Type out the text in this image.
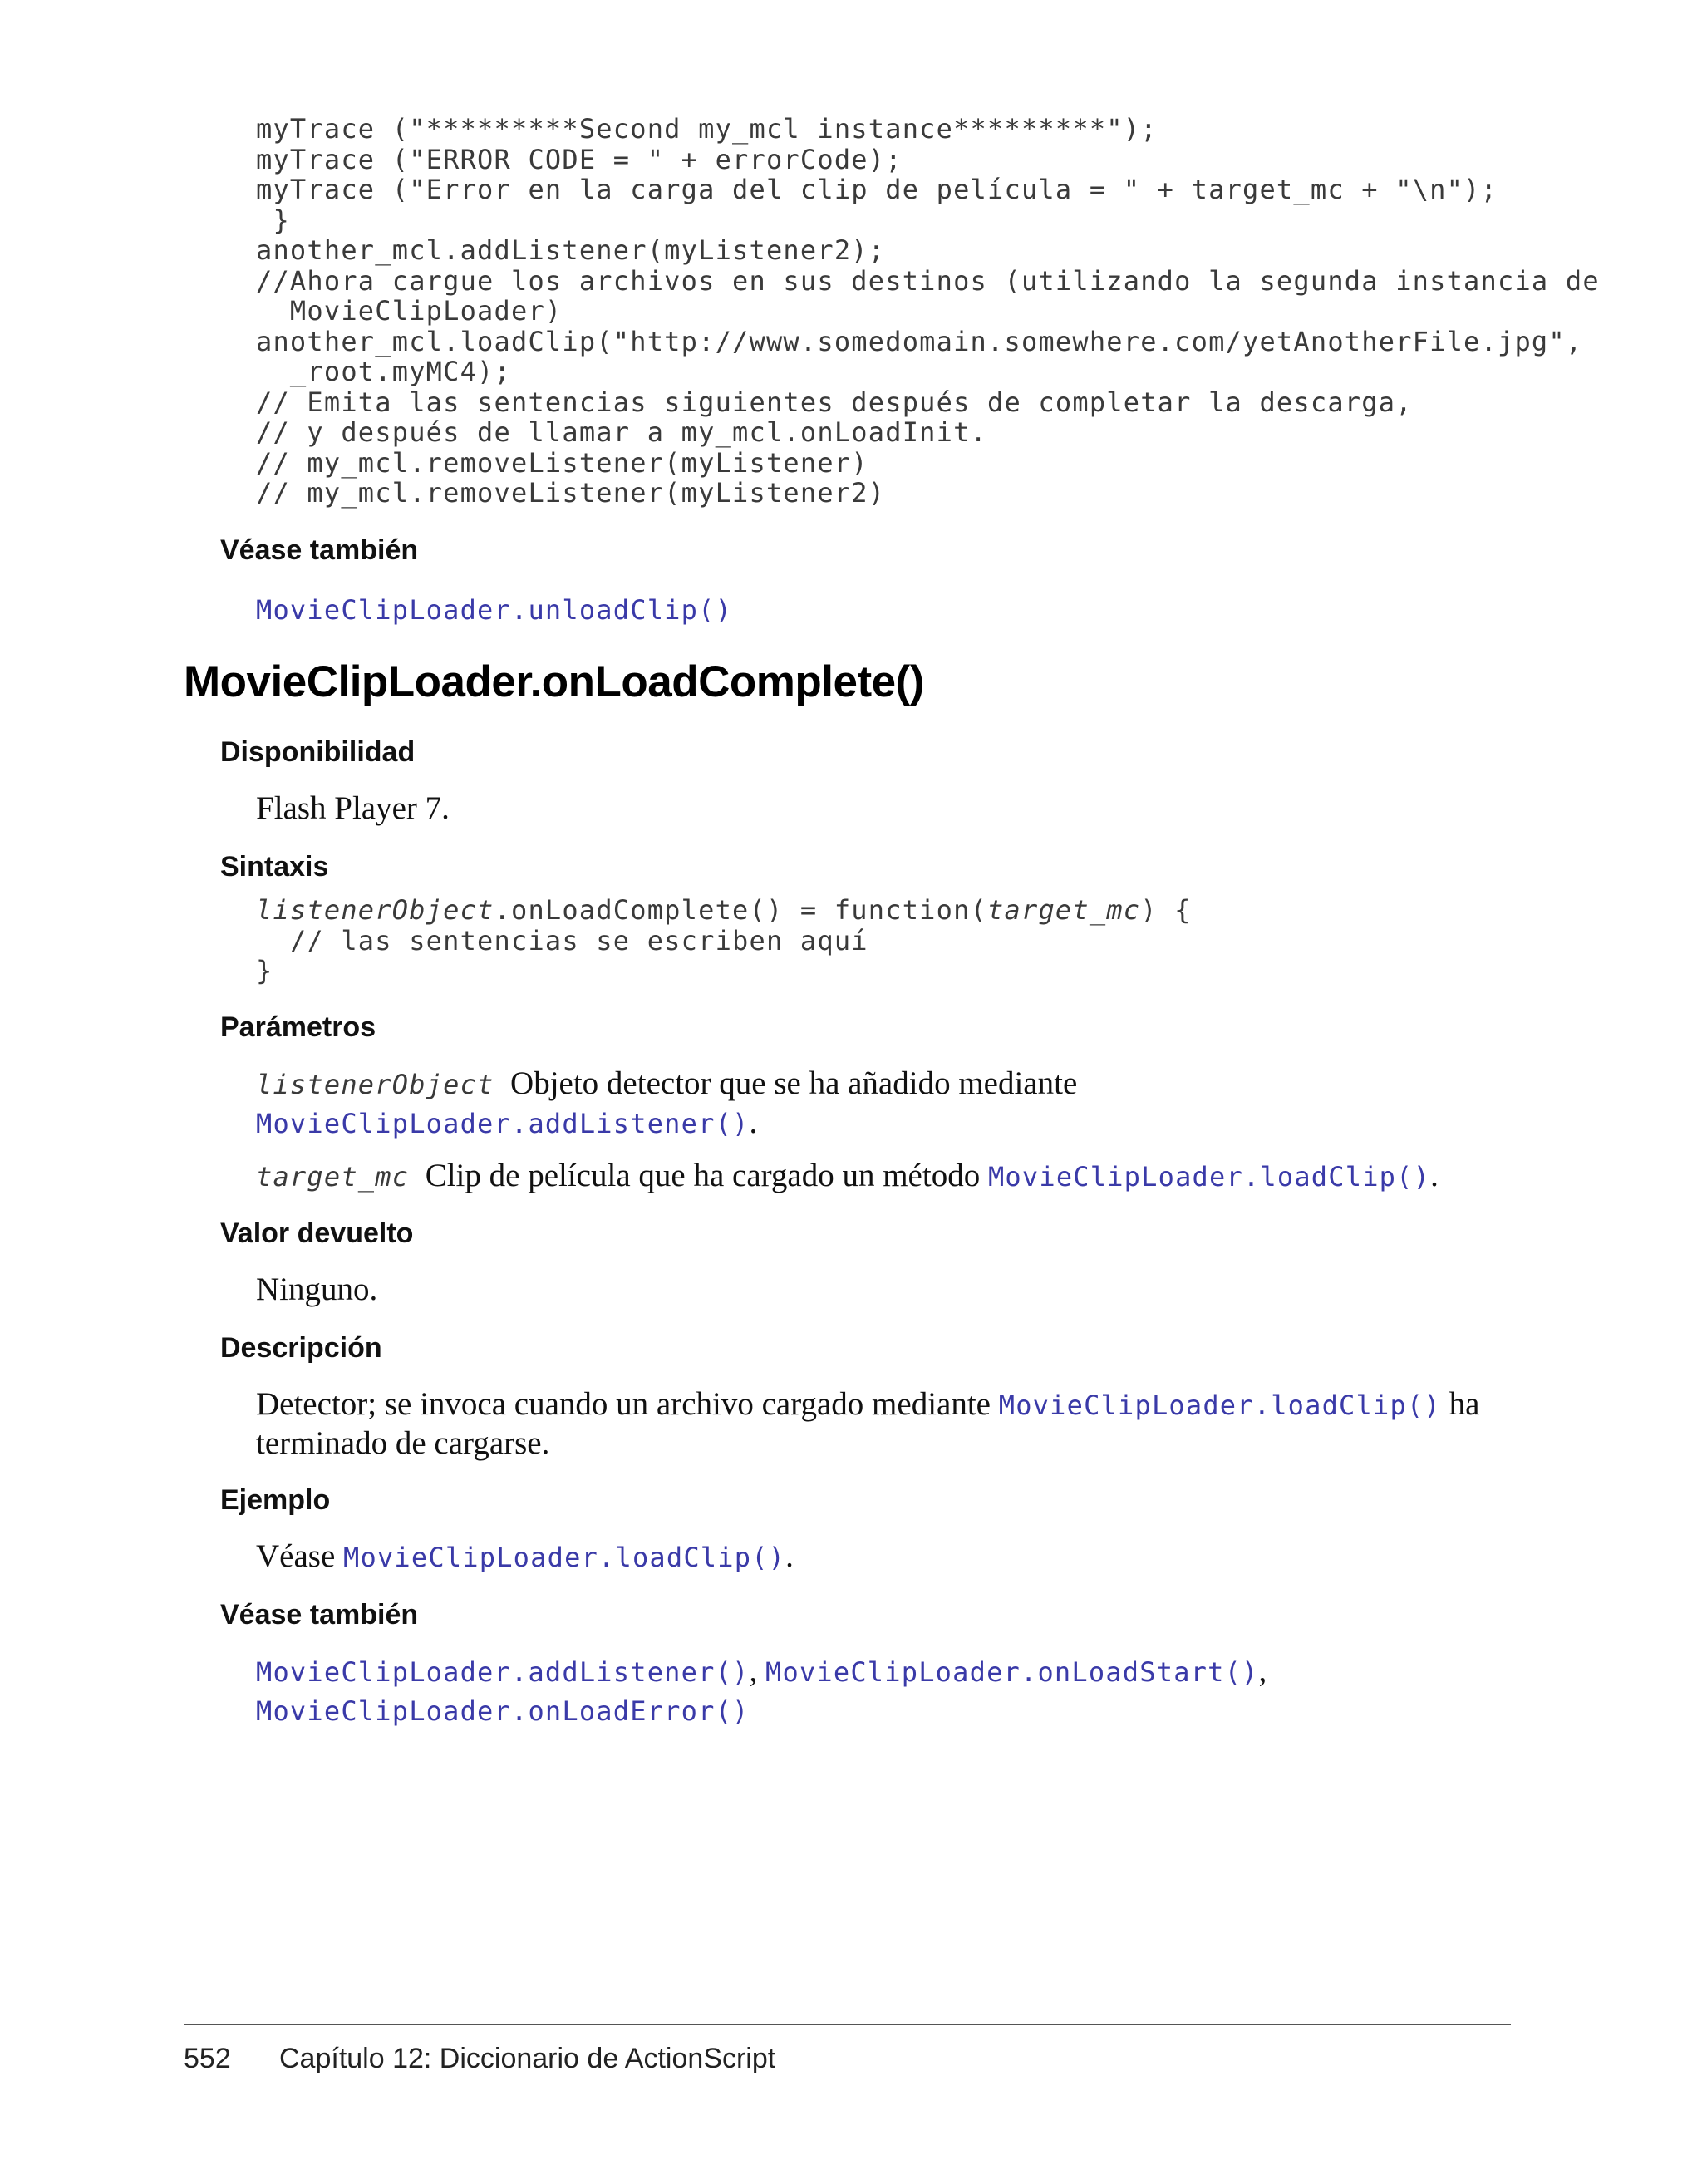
myTrace ("*********Second my_mcl instance*********");
myTrace ("ERROR CODE = " + errorCode);
myTrace ("Error en la carga del clip de película = " + target_mc + "\n");
}
another_mcl.addListener(myListener2);
//Ahora cargue los archivos en sus destinos (utilizando la segunda instancia de
MovieClipLoader)
another_mcl.loadClip("http://www.somedomain.somewhere.com/yetAnotherFile.jpg",
_root.myMC4);
// Emita las sentencias siguientes después de completar la descarga,
// y después de llamar a my_mcl.onLoadInit.
// my_mcl.removeListener(myListener)
// my_mcl.removeListener(myListener2)
Véase también

MovieClipLoader.unloadClip()

MovieClipLoader.onLoadComplete()
Disponibilidad

Flash Player 7.

Sintaxis
listenerObject.onLoadComplete() = function(target_mc) {
// las sentencias se escriben aquí
}
Parámetros

listenerObject Objeto detector que se ha añadido mediante
MovieClipLoader.addListener().

target_mc Clip de película que ha cargado un método MovieClipLoader.loadClip().

Valor devuelto

Ninguno.

Descripción

Detector; se invoca cuando un archivo cargado mediante MovieClipLoader.loadClip() ha
terminado de cargarse.

Ejemplo

Véase MovieClipLoader.loadClip().

Véase también

MovieClipLoader.addListener(), MovieClipLoader.onLoadStart(),
MovieClipLoader.onLoadError()

552 Capítulo 12: Diccionario de ActionScript
